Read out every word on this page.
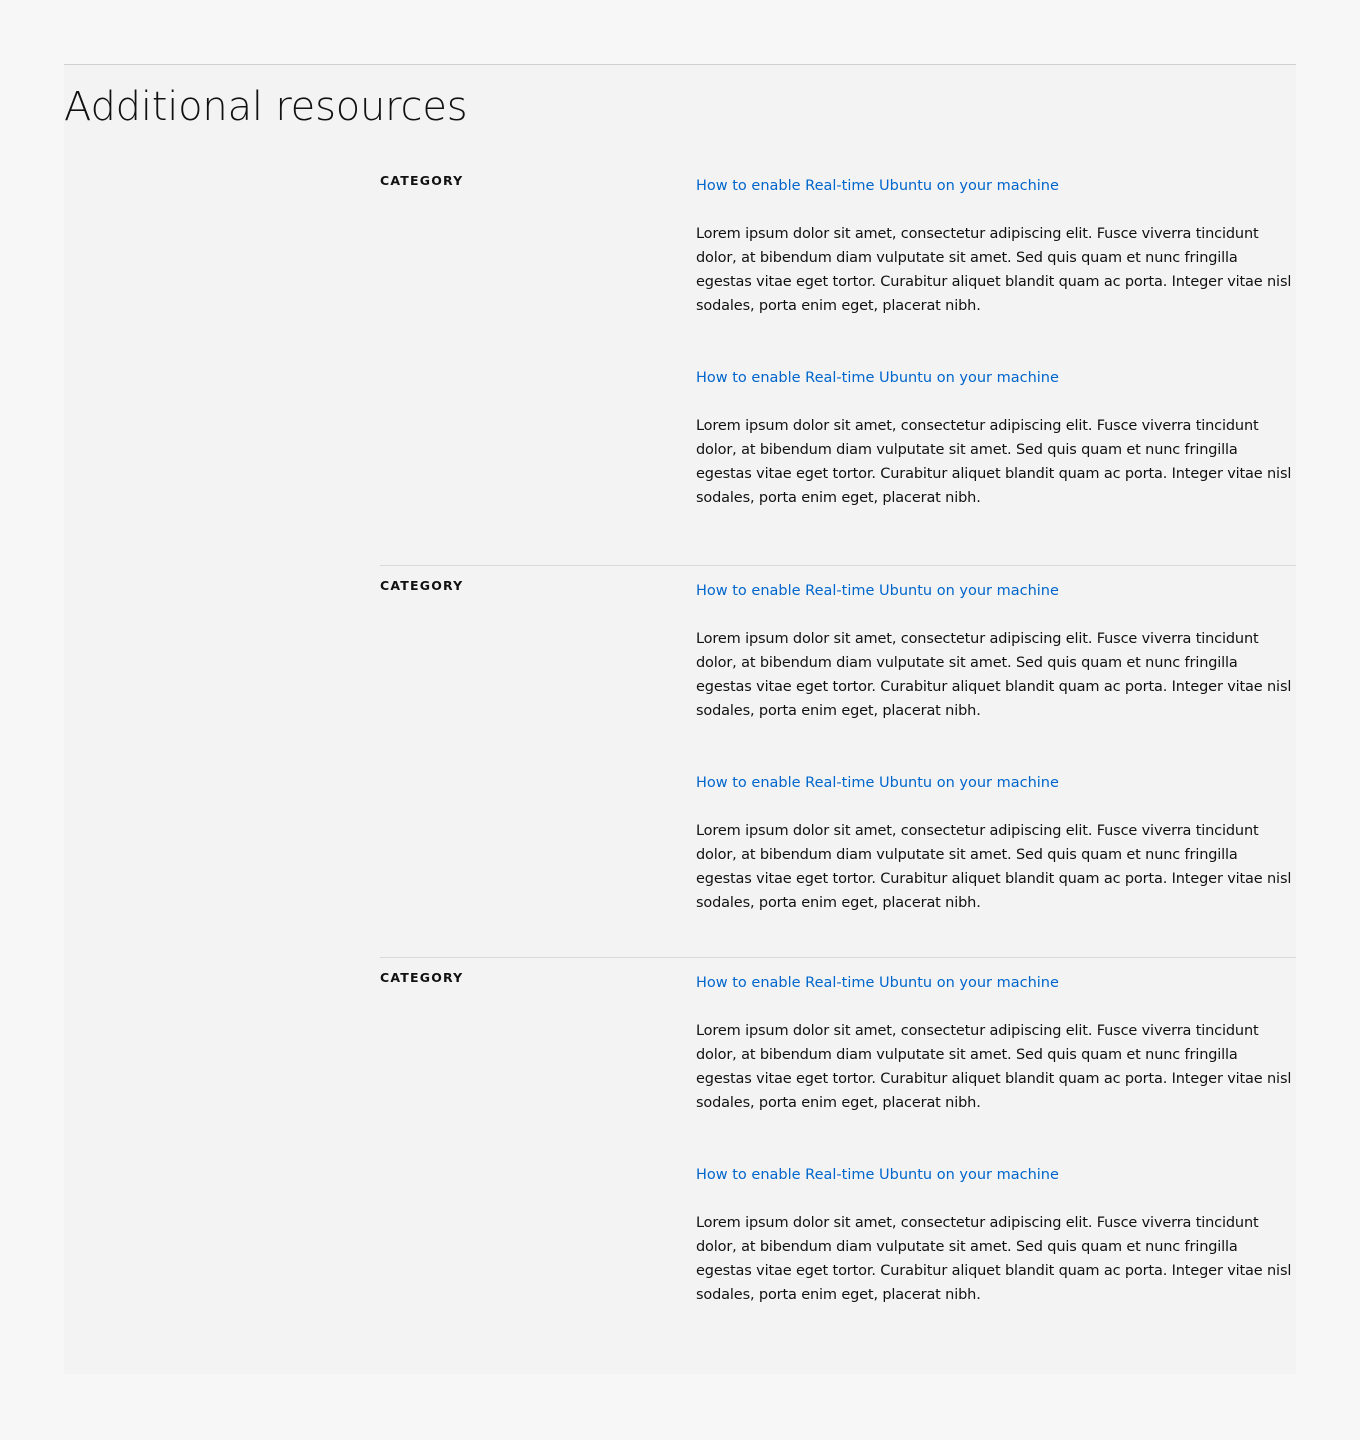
Additional resources
CATEGORY	How to enable Real-time Ubuntu on your machine

Lorem ipsum dolor sit amet, consectetur adipiscing elit. Fusce viverra tincidunt dolor, at bibendum diam vulputate sit amet. Sed quis quam et nunc fringilla egestas vitae eget tortor. Curabitur aliquet blandit quam ac porta. Integer vitae nisl sodales, porta enim eget, placerat nibh.

How to enable Real-time Ubuntu on your machine

Lorem ipsum dolor sit amet, consectetur adipiscing elit. Fusce viverra tincidunt dolor, at bibendum diam vulputate sit amet. Sed quis quam et nunc fringilla egestas vitae eget tortor. Curabitur aliquet blandit quam ac porta. Integer vitae nisl sodales, porta enim eget, placerat nibh.

CATEGORY	How to enable Real-time Ubuntu on your machine

Lorem ipsum dolor sit amet, consectetur adipiscing elit. Fusce viverra tincidunt dolor, at bibendum diam vulputate sit amet. Sed quis quam et nunc fringilla egestas vitae eget tortor. Curabitur aliquet blandit quam ac porta. Integer vitae nisl sodales, porta enim eget, placerat nibh.

How to enable Real-time Ubuntu on your machine

Lorem ipsum dolor sit amet, consectetur adipiscing elit. Fusce viverra tincidunt dolor, at bibendum diam vulputate sit amet. Sed quis quam et nunc fringilla egestas vitae eget tortor. Curabitur aliquet blandit quam ac porta. Integer vitae nisl sodales, porta enim eget, placerat nibh.

CATEGORY	How to enable Real-time Ubuntu on your machine

Lorem ipsum dolor sit amet, consectetur adipiscing elit. Fusce viverra tincidunt dolor, at bibendum diam vulputate sit amet. Sed quis quam et nunc fringilla egestas vitae eget tortor. Curabitur aliquet blandit quam ac porta. Integer vitae nisl sodales, porta enim eget, placerat nibh.

How to enable Real-time Ubuntu on your machine

Lorem ipsum dolor sit amet, consectetur adipiscing elit. Fusce viverra tincidunt dolor, at bibendum diam vulputate sit amet. Sed quis quam et nunc fringilla egestas vitae eget tortor. Curabitur aliquet blandit quam ac porta. Integer vitae nisl sodales, porta enim eget, placerat nibh.
